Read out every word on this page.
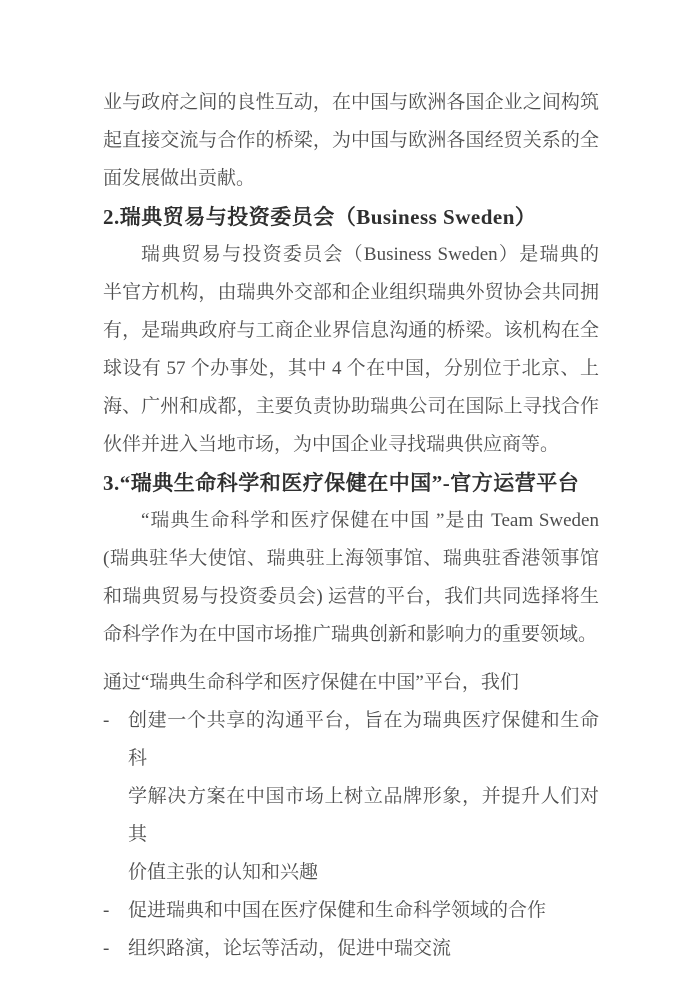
业与政府之间的良性互动，在中国与欧洲各国企业之间构筑
起直接交流与合作的桥梁，为中国与欧洲各国经贸关系的全
面发展做出贡献。
2.瑞典贸易与投资委员会（Business Sweden）
瑞典贸易与投资委员会（Business Sweden）是瑞典的
半官方机构，由瑞典外交部和企业组织瑞典外贸协会共同拥
有，是瑞典政府与工商企业界信息沟通的桥梁。该机构在全
球设有 57 个办事处，其中 4 个在中国，分别位于北京、上
海、广州和成都，主要负责协助瑞典公司在国际上寻找合作
伙伴并进入当地市场，为中国企业寻找瑞典供应商等。
3.“瑞典生命科学和医疗保健在中国”-官方运营平台
“瑞典生命科学和医疗保健在中国 ”是由 Team Sweden
(瑞典驻华大使馆、瑞典驻上海领事馆、瑞典驻香港领事馆
和瑞典贸易与投资委员会) 运营的平台，我们共同选择将生
命科学作为在中国市场推广瑞典创新和影响力的重要领域。
通过“瑞典生命科学和医疗保健在中国”平台，我们
- 创建一个共享的沟通平台，旨在为瑞典医疗保健和生命科
学解决方案在中国市场上树立品牌形象，并提升人们对其
价值主张的认知和兴趣
- 促进瑞典和中国在医疗保健和生命科学领域的合作
- 组织路演，论坛等活动，促进中瑞交流
